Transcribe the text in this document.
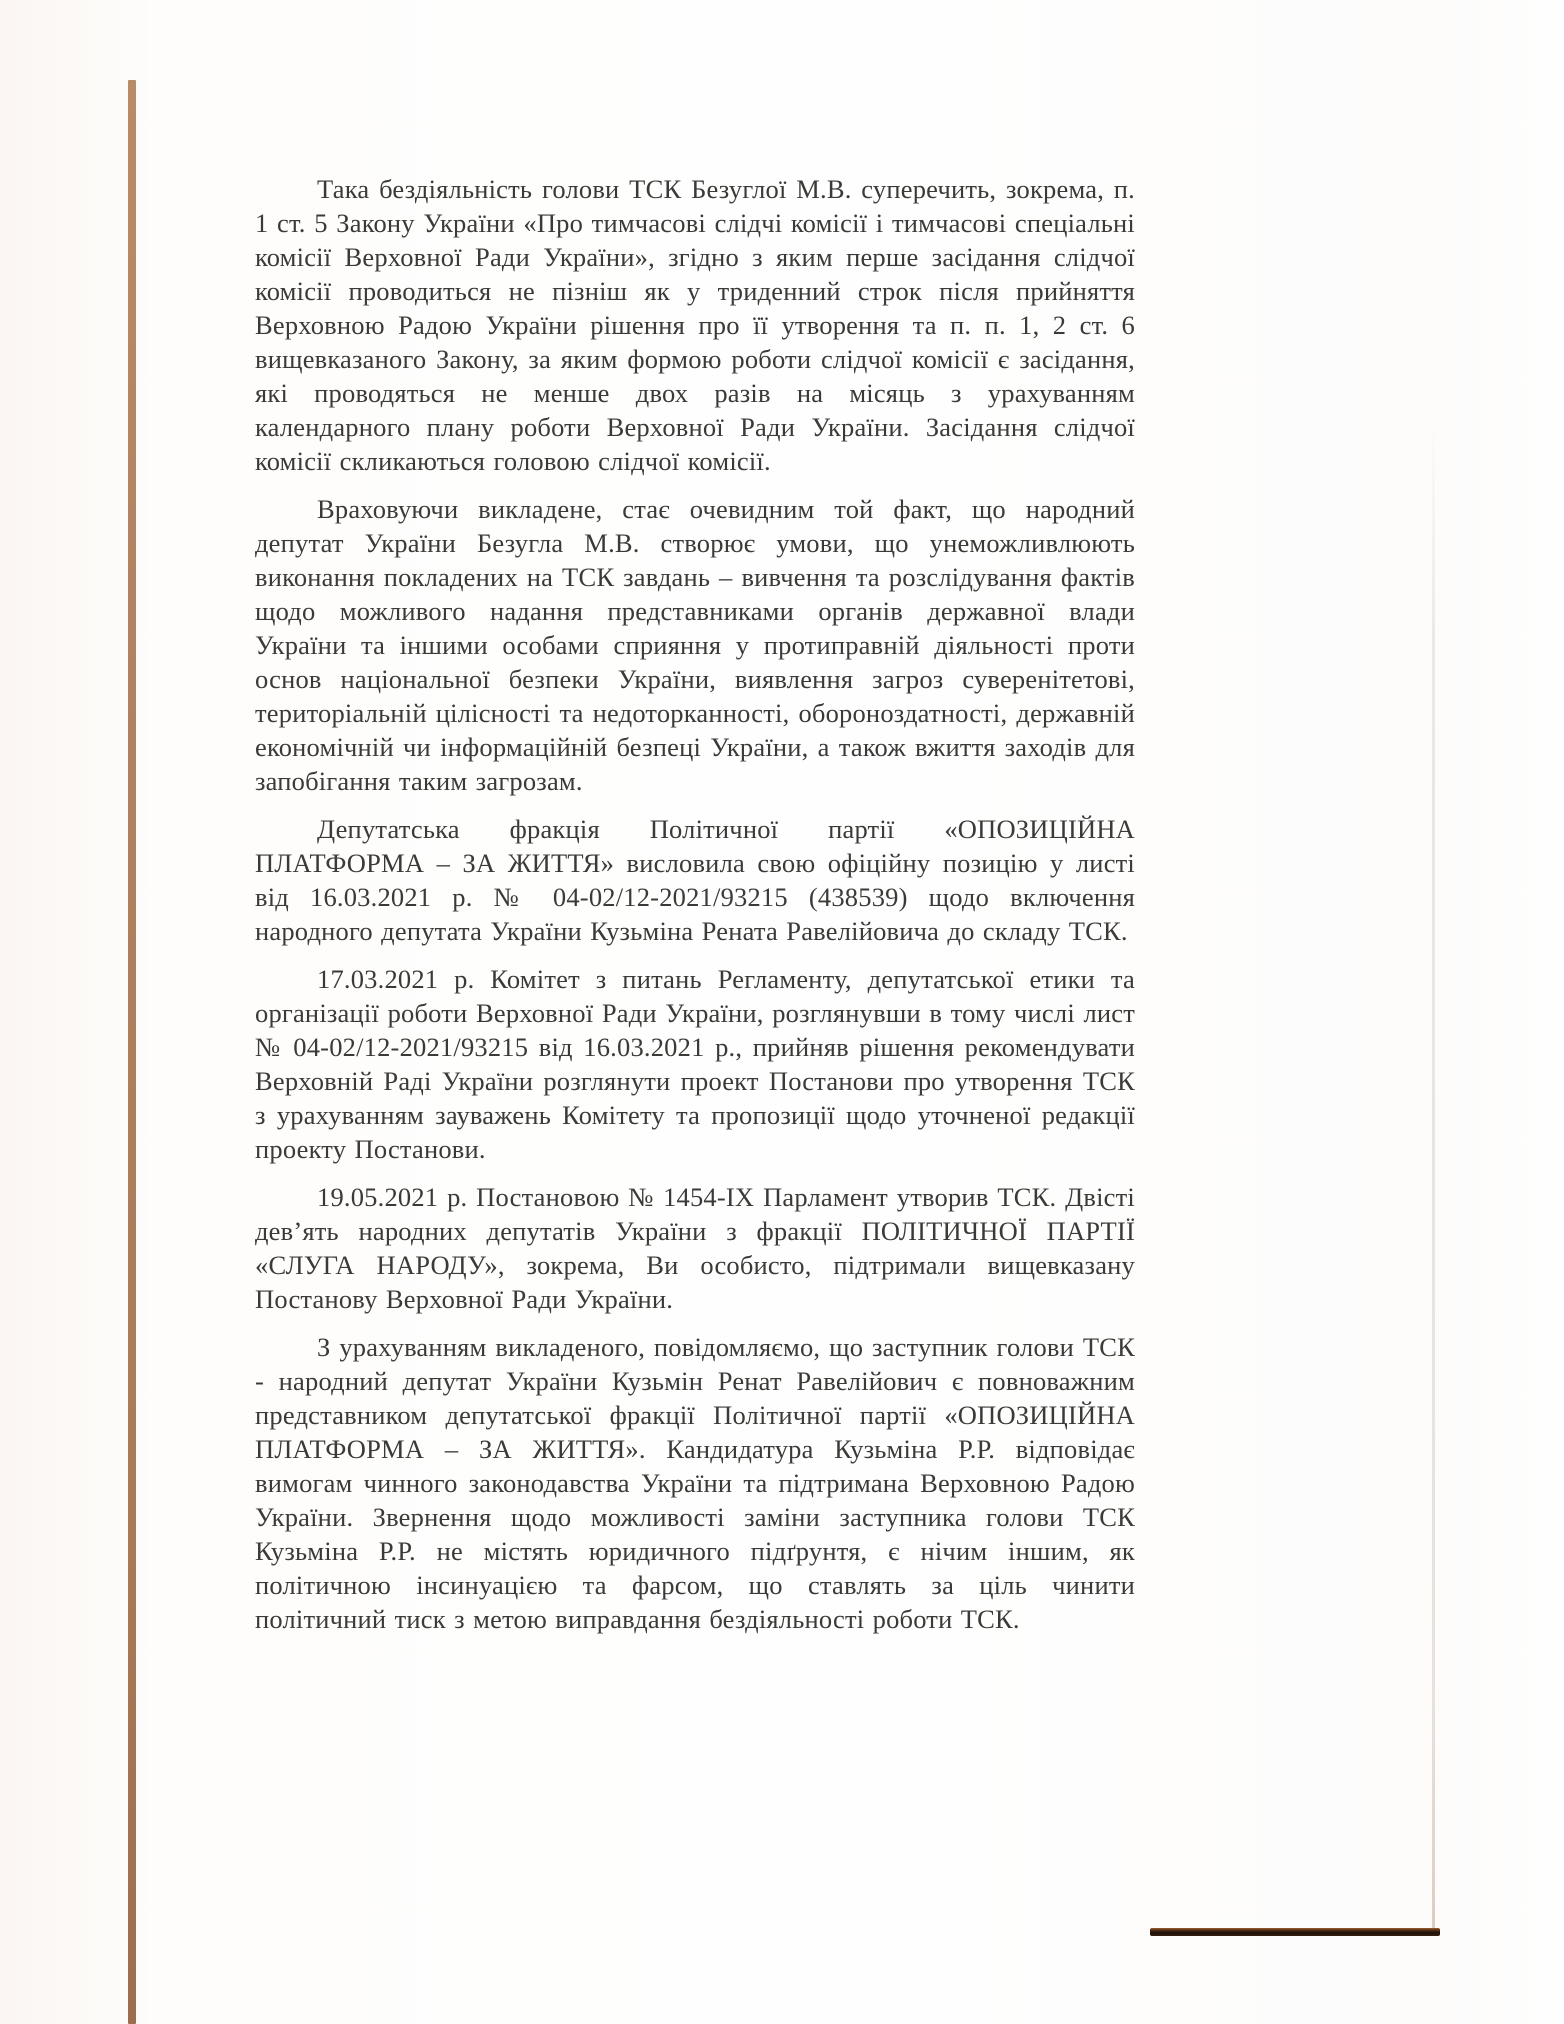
Така бездіяльність голови ТСК Безуглої М.В. суперечить, зокрема, п. 1 ст. 5 Закону України «Про тимчасові слідчі комісії і тимчасові спеціальні комісії Верховної Ради України», згідно з яким перше засідання слідчої комісії проводиться не пізніш як у триденний строк після прийняття Верховною Радою України рішення про її утворення та п. п. 1, 2 ст. 6 вищевказаного Закону, за яким формою роботи слідчої комісії є засідання, які проводяться не менше двох разів на місяць з урахуванням календарного плану роботи Верховної Ради України. Засідання слідчої комісії скликаються головою слідчої комісії.

Враховуючи викладене, стає очевидним той факт, що народний депутат України Безугла М.В. створює умови, що унеможливлюють виконання покладених на ТСК завдань – вивчення та розслідування фактів щодо можливого надання представниками органів державної влади України та іншими особами сприяння у протиправній діяльності проти основ національної безпеки України, виявлення загроз суверенітетові, територіальній цілісності та недоторканності, обороноздатності, державній економічній чи інформаційній безпеці України, а також вжиття заходів для запобігання таким загрозам.

Депутатська фракція Політичної партії «ОПОЗИЦІЙНА ПЛАТФОРМА – ЗА ЖИТТЯ» висловила свою офіційну позицію у листі від 16.03.2021 р. № 04-02/12-2021/93215 (438539) щодо включення народного депутата України Кузьміна Рената Равелійовича до складу ТСК.

17.03.2021 р. Комітет з питань Регламенту, депутатської етики та організації роботи Верховної Ради України, розглянувши в тому числі лист № 04-02/12-2021/93215 від 16.03.2021 р., прийняв рішення рекомендувати Верховній Раді України розглянути проект Постанови про утворення ТСК з урахуванням зауважень Комітету та пропозиції щодо уточненої редакції проекту Постанови.

19.05.2021 р. Постановою № 1454-ІХ Парламент утворив ТСК. Двісті дев’ять народних депутатів України з фракції ПОЛІТИЧНОЇ ПАРТІЇ «СЛУГА НАРОДУ», зокрема, Ви особисто, підтримали вищевказану Постанову Верховної Ради України.

З урахуванням викладеного, повідомляємо, що заступник голови ТСК - народний депутат України Кузьмін Ренат Равелійович є повноважним представником депутатської фракції Політичної партії «ОПОЗИЦІЙНА ПЛАТФОРМА – ЗА ЖИТТЯ». Кандидатура Кузьміна Р.Р. відповідає вимогам чинного законодавства України та підтримана Верховною Радою України. Звернення щодо можливості заміни заступника голови ТСК Кузьміна Р.Р. не містять юридичного підґрунтя, є нічим іншим, як політичною інсинуацією та фарсом, що ставлять за ціль чинити політичний тиск з метою виправдання бездіяльності роботи ТСК.
